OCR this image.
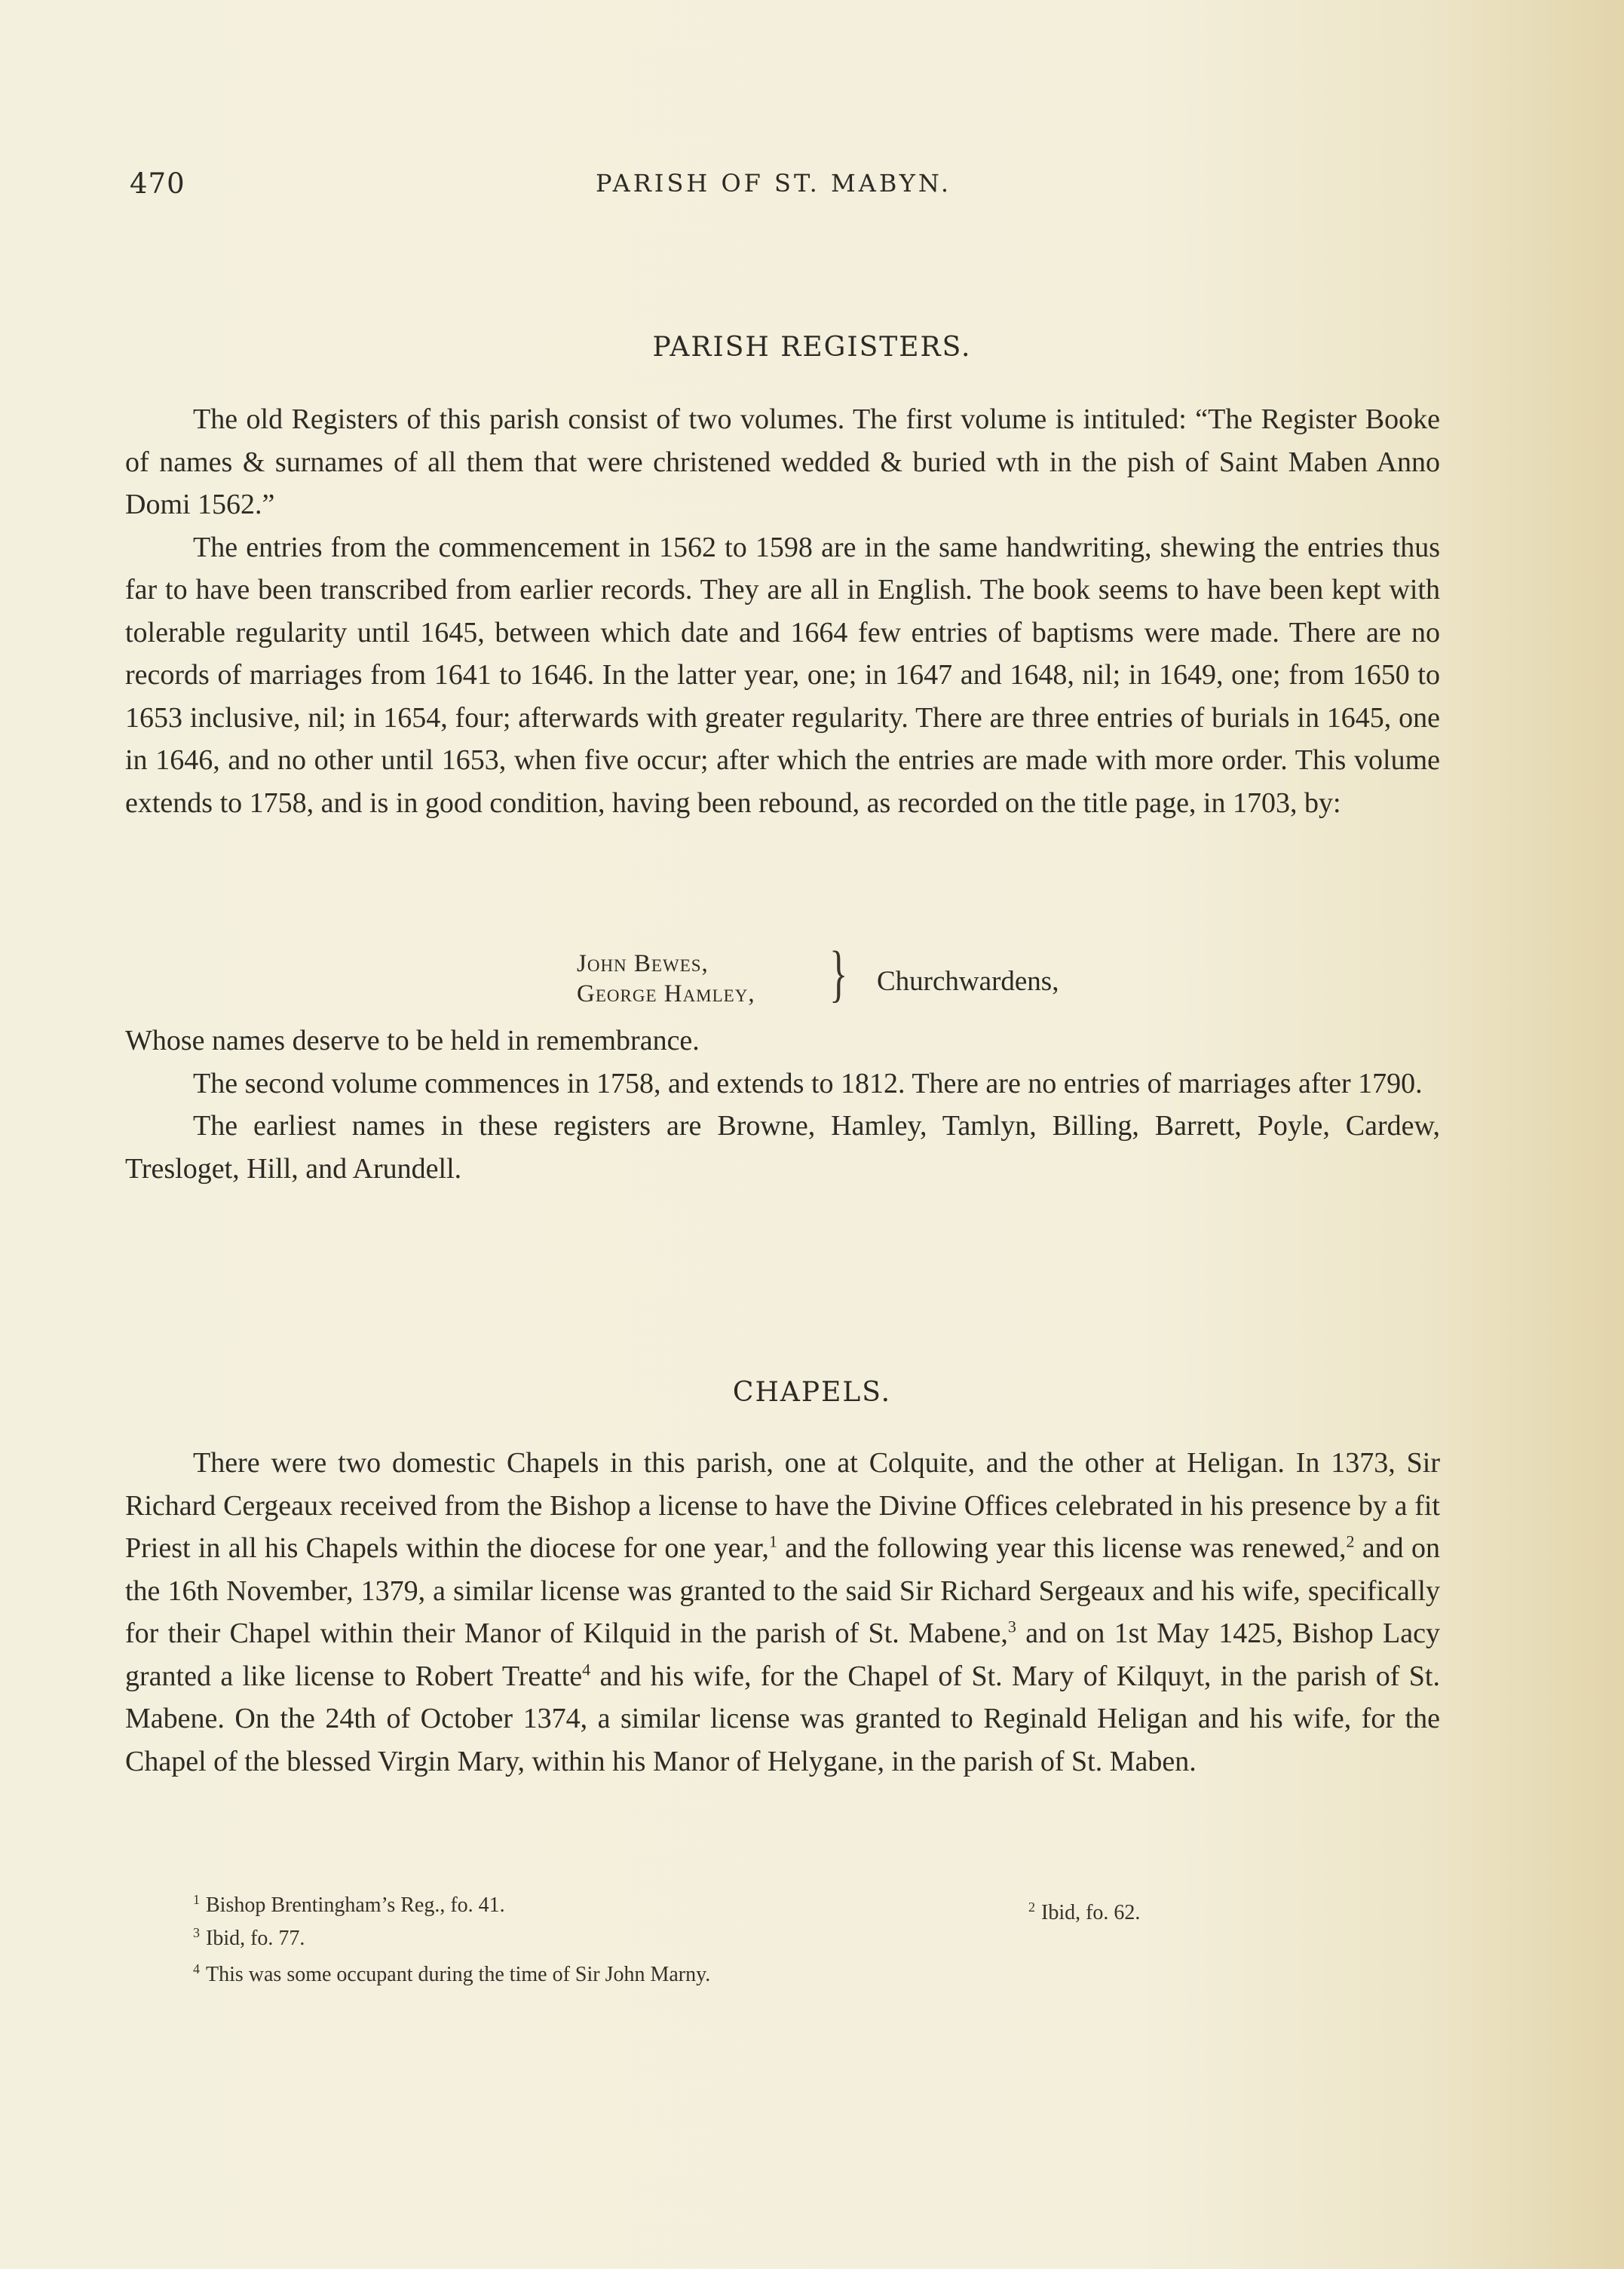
470	PARISH OF ST. MABYN.
PARISH REGISTERS.

The old Registers of this parish consist of two volumes. The first volume is intituled: “The Register Booke of names & surnames of all them that were christened wedded & buried wth in the pish of Saint Maben Anno Domi 1562.”

The entries from the commencement in 1562 to 1598 are in the same handwriting, shewing the entries thus far to have been transcribed from earlier records. They are all in English. The book seems to have been kept with tolerable regularity until 1645, between which date and 1664 few entries of baptisms were made. There are no records of marriages from 1641 to 1646. In the latter year, one; in 1647 and 1648, nil; in 1649, one; from 1650 to 1653 inclusive, nil; in 1654, four; afterwards with greater regularity. There are three entries of burials in 1645, one in 1646, and no other until 1653, when five occur; after which the entries are made with more order. This volume extends to 1758, and is in good condition, having been rebound, as recorded on the title page, in 1703, by:

John Bewes,
George Hamley, } Churchwardens,

Whose names deserve to be held in remembrance.

The second volume commences in 1758, and extends to 1812. There are no entries of marriages after 1790.

The earliest names in these registers are Browne, Hamley, Tamlyn, Billing, Barrett, Poyle, Cardew, Tresloget, Hill, and Arundell.

CHAPELS.

There were two domestic Chapels in this parish, one at Colquite, and the other at Heligan. In 1373, Sir Richard Cergeaux received from the Bishop a license to have the Divine Offices celebrated in his presence by a fit Priest in all his Chapels within the diocese for one year,$^1$ and the following year this license was renewed,$^2$ and on the 16th November, 1379, a similar license was granted to the said Sir Richard Sergeaux and his wife, specifically for their Chapel within their Manor of Kilquid in the parish of St. Mabene,$^3$ and on 1st May 1425, Bishop Lacy granted a like license to Robert Treatte$^4$ and his wife, for the Chapel of St. Mary of Kilquyt, in the parish of St. Mabene. On the 24th of October 1374, a similar license was granted to Reginald Heligan and his wife, for the Chapel of the blessed Virgin Mary, within his Manor of Helygane, in the parish of St. Maben.

$^1$ Bishop Brentingham’s Reg., fo. 41.	$^2$ Ibid, fo. 62.
$^3$ Ibid, fo. 77.
$^4$ This was some occupant during the time of Sir John Marny.
